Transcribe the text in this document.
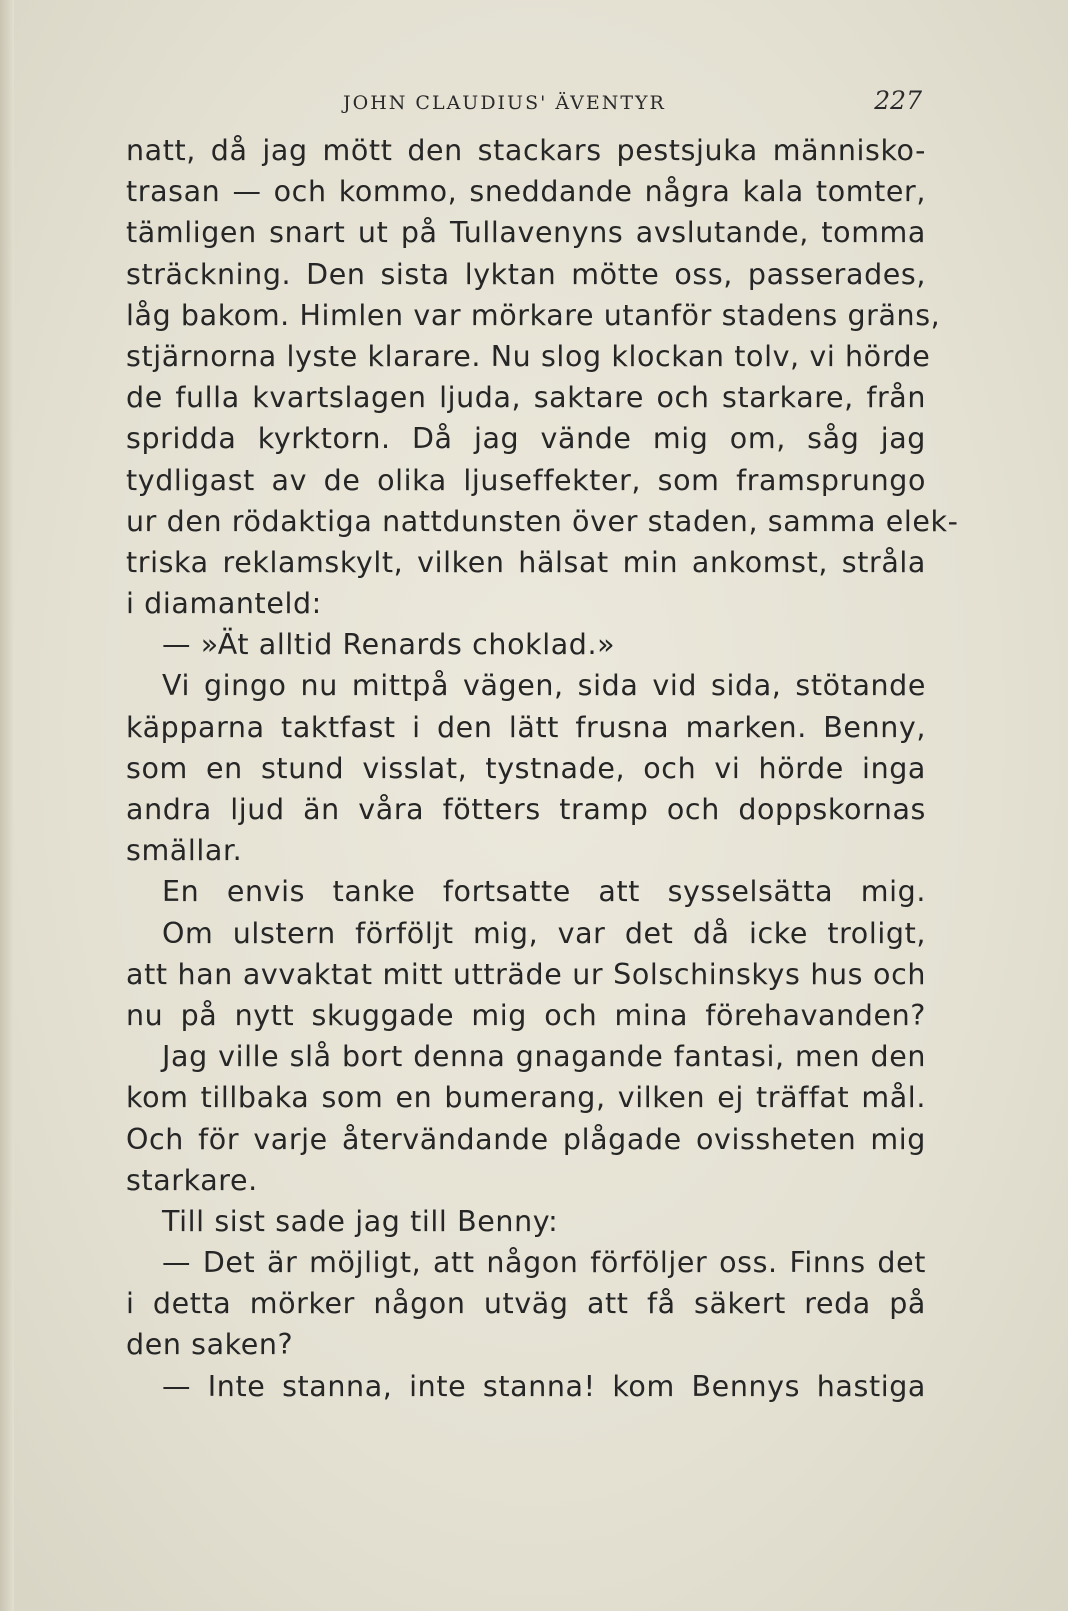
JOHN CLAUDIUS' ÄVENTYR	227
natt, då jag mött den stackars pestsjuka människo-
trasan — och kommo, sneddande några kala tomter,
tämligen snart ut på Tullavenyns avslutande, tomma
sträckning. Den sista lyktan mötte oss, passerades,
låg bakom. Himlen var mörkare utanför stadens gräns,
stjärnorna lyste klarare. Nu slog klockan tolv, vi hörde
de fulla kvartslagen ljuda, saktare och starkare, från
spridda kyrktorn. Då jag vände mig om, såg jag
tydligast av de olika ljuseffekter, som framsprungo
ur den rödaktiga nattdunsten över staden, samma elek-
triska reklamskylt, vilken hälsat min ankomst, stråla
i diamanteld:
— »Ät alltid Renards choklad.»
Vi gingo nu mittpå vägen, sida vid sida, stötande
käpparna taktfast i den lätt frusna marken. Benny,
som en stund visslat, tystnade, och vi hörde inga
andra ljud än våra fötters tramp och doppskornas
smällar.
En envis tanke fortsatte att sysselsätta mig.
Om ulstern förföljt mig, var det då icke troligt,
att han avvaktat mitt utträde ur Solschinskys hus och
nu på nytt skuggade mig och mina förehavanden?
Jag ville slå bort denna gnagande fantasi, men den
kom tillbaka som en bumerang, vilken ej träffat mål.
Och för varje återvändande plågade ovissheten mig
starkare.
Till sist sade jag till Benny:
— Det är möjligt, att någon förföljer oss. Finns det
i detta mörker någon utväg att få säkert reda på
den saken?
— Inte stanna, inte stanna! kom Bennys hastiga
